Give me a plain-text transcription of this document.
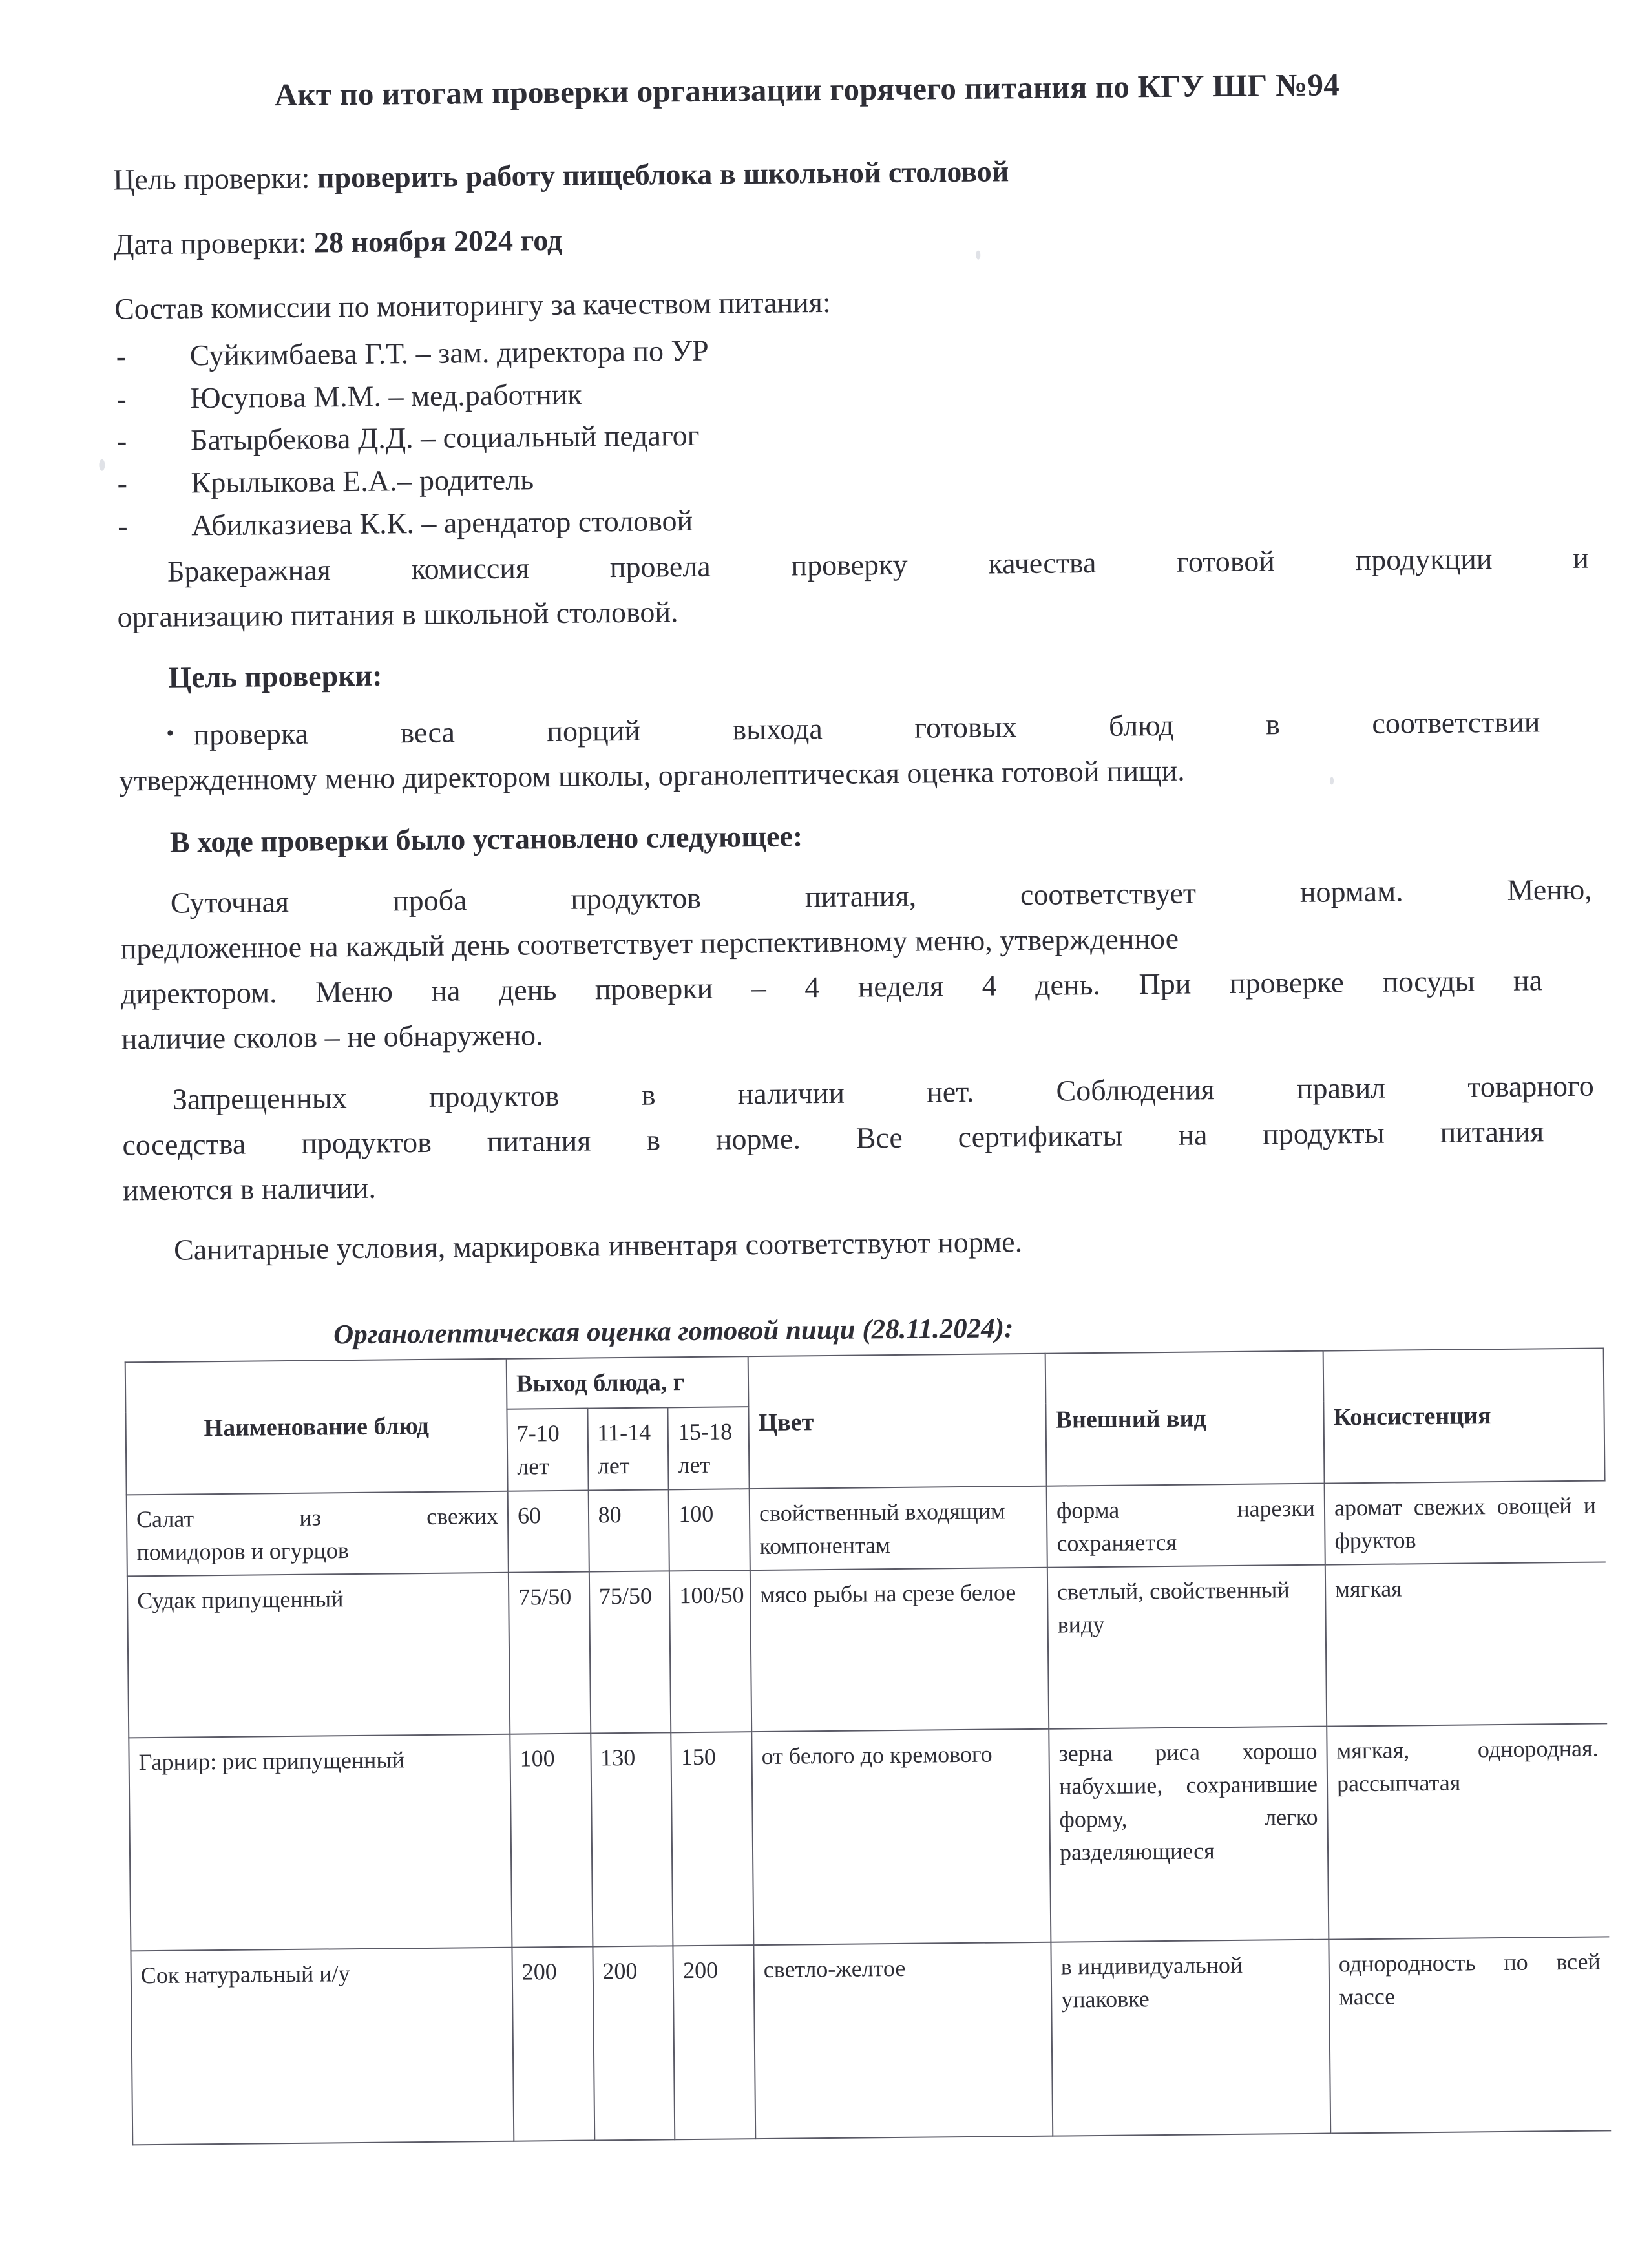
Акт по итогам проверки организации горячего питания по КГУ ШГ №94

Цель проверки: проверить работу пищеблока в школьной столовой

Дата проверки: 28 ноября 2024 год

Состав комиссии по мониторингу за качеством питания:

-	Суйкимбаева Г.Т. – зам. директора по УР
-	Юсупова М.М. – мед.работник
-	Батырбекова Д.Д. – социальный педагог
-	Крылыкова Е.А.– родитель
-	Абилказиева К.К. – арендатор столовой

Бракеражная	комиссия	провела	проверку	качества	готовой	продукции	и
организацию питания в школьной столовой.

Цель проверки:

• проверка	веса	порций	выхода	готовых	блюд	в	соответствии
утвержденному меню директором школы, органолептическая оценка готовой пищи.

В ходе проверки было установлено следующее:

Суточная	проба	продуктов	питания,	соответствует	нормам.	Меню,
предложенное на каждый день соответствует перспективному меню, утвержденное
директором. Меню на день проверки – 4 неделя 4 день. При проверке посуды на
наличие сколов – не обнаружено.

Запрещенных	продуктов	в	наличии	нет.	Соблюдения	правил	товарного
соседства продуктов питания в норме. Все сертификаты на продукты питания
имеются в наличии.

Санитарные условия, маркировка инвентаря соответствуют норме.

Органолептическая оценка готовой пищи (28.11.2024):
Наименование блюд	Выход блюда, г			Цвет	Внешний вид	Консистенция
	7-10 лет	11-14 лет	15-18 лет			

Салат из свежих
помидоров и огурцов	60	80	100	свойственный входящим компонентам	форма нарезки сохраняется	аромат свежих овощей и фруктов
Судак припущенный	75/50	75/50	100/50	мясо рыбы на срезе белое	светлый, свойственный виду	мягкая
Гарнир: рис припущенный	100	130	150	от белого до кремового	зерна риса хорошо набухшие, сохранившие форму, легко разделяющиеся	мягкая, однородная. рассыпчатая
Сок натуральный и/у	200	200	200	светло-желтое	в индивидуальной упаковке	однородность по всей массе
